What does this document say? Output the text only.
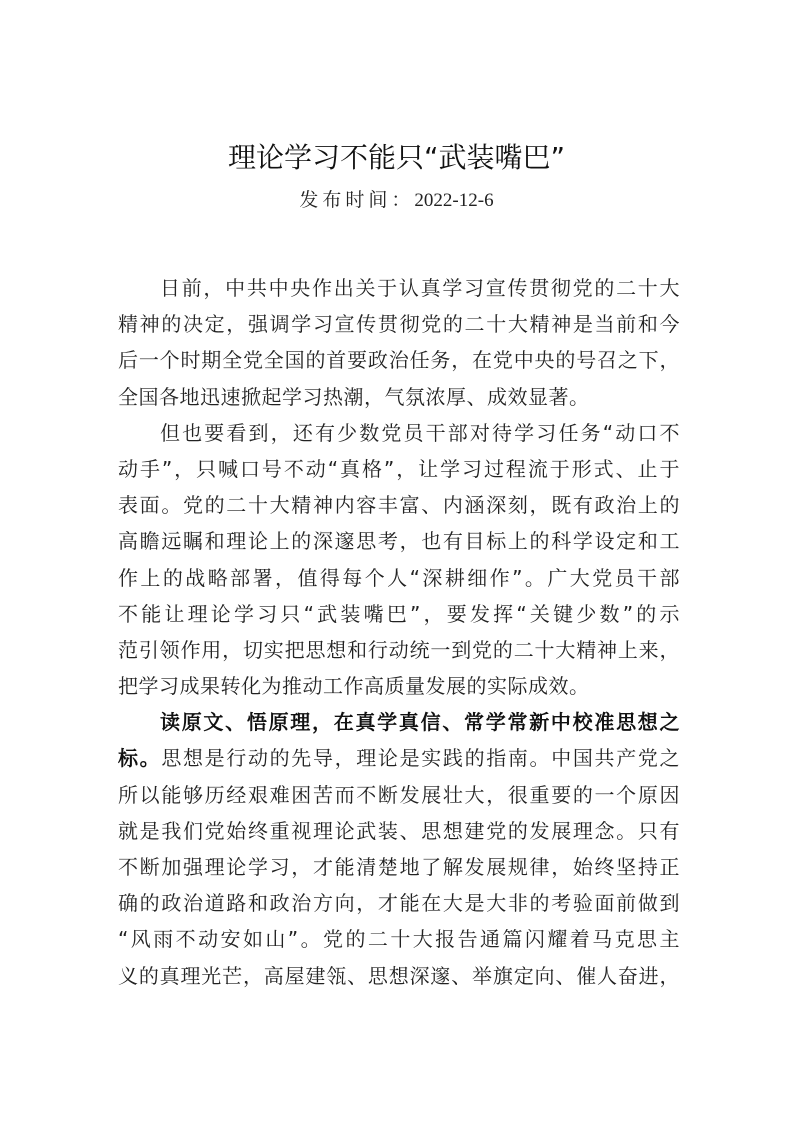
理论学习不能只“武装嘴巴”
发布时间：2022-12-6
日前，中共中央作出关于认真学习宣传贯彻党的二十大
精神的决定，强调学习宣传贯彻党的二十大精神是当前和今
后一个时期全党全国的首要政治任务，在党中央的号召之下，
全国各地迅速掀起学习热潮，气氛浓厚、成效显著。
但也要看到，还有少数党员干部对待学习任务“动口不
动手”，只喊口号不动“真格”，让学习过程流于形式、止于
表面。党的二十大精神内容丰富、内涵深刻，既有政治上的
高瞻远瞩和理论上的深邃思考，也有目标上的科学设定和工
作上的战略部署，值得每个人“深耕细作”。广大党员干部
不能让理论学习只“武装嘴巴”，要发挥“关键少数”的示
范引领作用，切实把思想和行动统一到党的二十大精神上来，
把学习成果转化为推动工作高质量发展的实际成效。
读原文、悟原理，在真学真信、常学常新中校准思想之
标。思想是行动的先导，理论是实践的指南。中国共产党之
所以能够历经艰难困苦而不断发展壮大，很重要的一个原因
就是我们党始终重视理论武装、思想建党的发展理念。只有
不断加强理论学习，才能清楚地了解发展规律，始终坚持正
确的政治道路和政治方向，才能在大是大非的考验面前做到
“风雨不动安如山”。党的二十大报告通篇闪耀着马克思主
义的真理光芒，高屋建瓴、思想深邃、举旗定向、催人奋进，
